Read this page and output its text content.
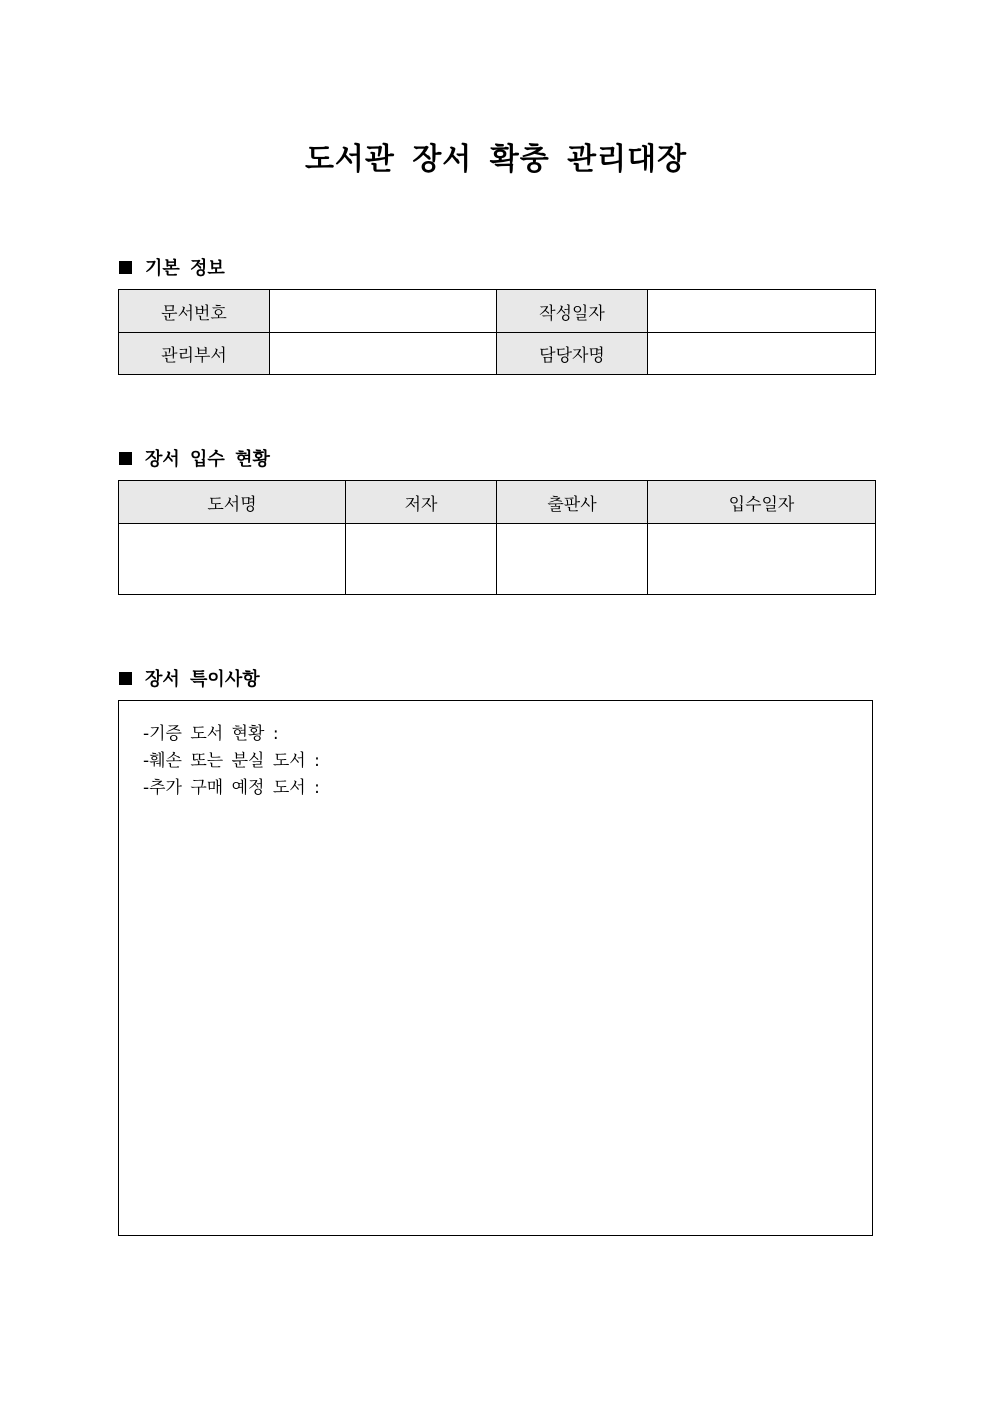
도서관 장서 확충 관리대장
기본 정보
문서번호		작성일자	
관리부서		담당자명	
장서 입수 현황
도서명	저자	출판사	입수일자

장서 특이사항
-기증 도서 현황 :
-훼손 또는 분실 도서 :
-추가 구매 예정 도서 :
